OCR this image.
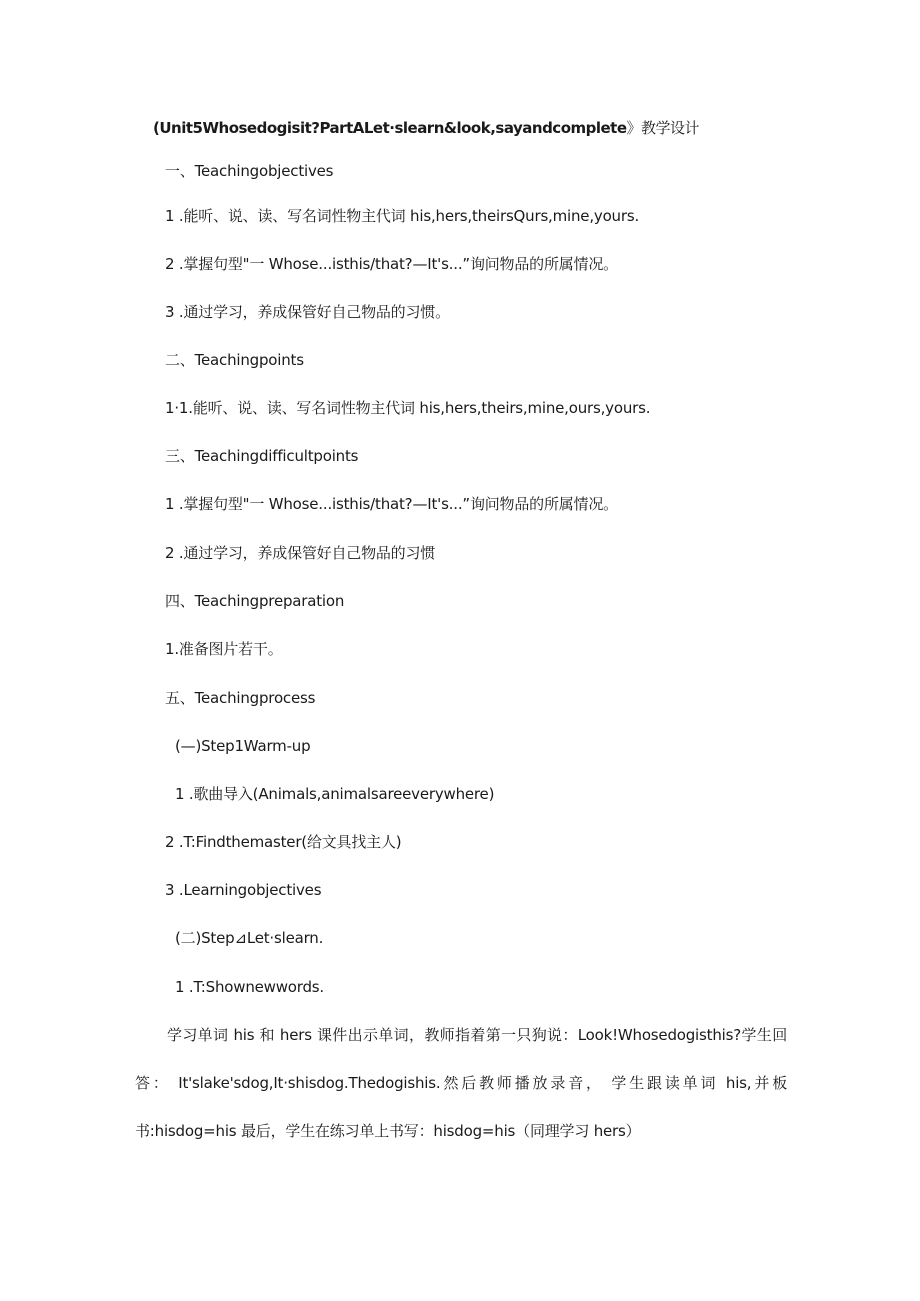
(Unit5Whosedogisit?PartALet·slearn&look,sayandcomplete》教学设计
一、Teachingobjectives
1 .能听、说、读、写名词性物主代词 his,hers,theirsQurs,mine,yours.
2 .掌握句型"一 Whose...isthis/that?—It's...”询问物品的所属情况。
3 .通过学习，养成保管好自己物品的习惯。
二、Teachingpoints
1·1.能听、说、读、写名词性物主代词 his,hers,theirs,mine,ours,yours.
三、Teachingdifficultpoints
1 .掌握句型"一 Whose...isthis/that?—It's...”询问物品的所属情况。
2 .通过学习，养成保管好自己物品的习惯
四、Teachingpreparation
1.准备图片若干。
五、Teachingprocess
(—)Step1Warm-up
1 .歌曲导入(Animals,animalsareeverywhere)
2 .T:Findthemaster(给文具找主人)
3 .Learningobjectives
(二)Step⊿Let·slearn.
1 .T:Shownewwords.
学习单词 his 和 hers 课件出示单词，教师指着第一只狗说：Look!Whosedogisthis?学生回
答： It'slake'sdog,It·shisdog.Thedogishis.然后教师播放录音， 学生跟读单词 his,并板
书:hisdog=his 最后，学生在练习单上书写：hisdog=his（同理学习 hers）
